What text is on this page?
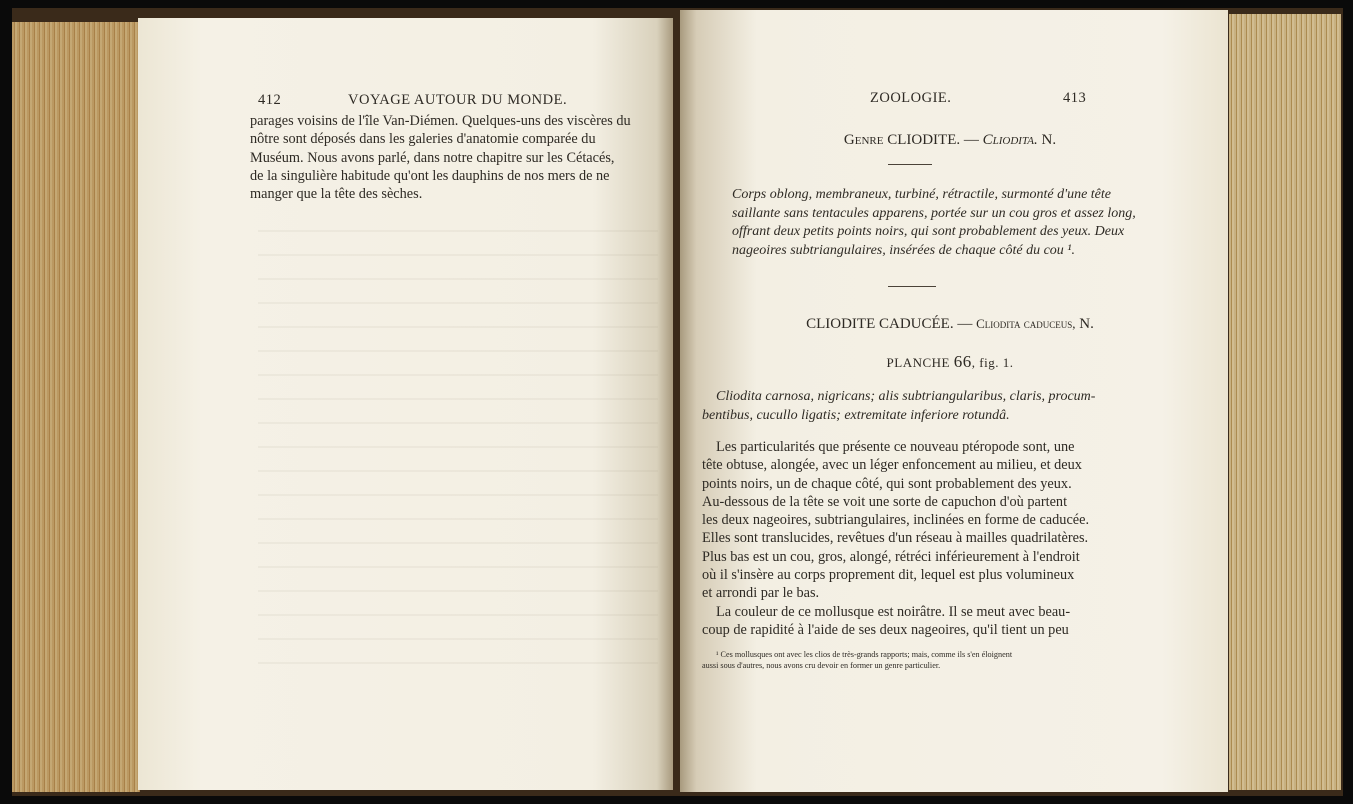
412	VOYAGE AUTOUR DU MONDE.

parages voisins de l'île Van-Diémen. Quelques-uns des viscères du

nôtre sont déposés dans les galeries d'anatomie comparée du

Muséum. Nous avons parlé, dans notre chapitre sur les Cétacés,

de la singulière habitude qu'ont les dauphins de nos mers de ne

manger que la tête des sèches.

ZOOLOGIE.	413
Genre CLIODITE. — Cliodita. N.

Corps oblong, membraneux, turbiné, rétractile, surmonté d'une tête

saillante sans tentacules apparens, portée sur un cou gros et assez long,

offrant deux petits points noirs, qui sont probablement des yeux. Deux

nageoires subtriangulaires, insérées de chaque côté du cou ¹.

CLIODITE CADUCÉE. — Cliodita caduceus, N.
PLANCHE 66, fig. 1.

Cliodita carnosa, nigricans; alis subtriangularibus, claris, procum-

bentibus, cucullo ligatis; extremitate inferiore rotundâ.

Les particularités que présente ce nouveau ptéropode sont, une

tête obtuse, alongée, avec un léger enfoncement au milieu, et deux

points noirs, un de chaque côté, qui sont probablement des yeux.

Au-dessous de la tête se voit une sorte de capuchon d'où partent

les deux nageoires, subtriangulaires, inclinées en forme de caducée.

Elles sont translucides, revêtues d'un réseau à mailles quadrilatères.

Plus bas est un cou, gros, alongé, rétréci inférieurement à l'endroit

où il s'insère au corps proprement dit, lequel est plus volumineux

et arrondi par le bas.

La couleur de ce mollusque est noirâtre. Il se meut avec beau-

coup de rapidité à l'aide de ses deux nageoires, qu'il tient un peu

¹ Ces mollusques ont avec les clios de très-grands rapports; mais, comme ils s'en éloignent
aussi sous d'autres, nous avons cru devoir en former un genre particulier.
